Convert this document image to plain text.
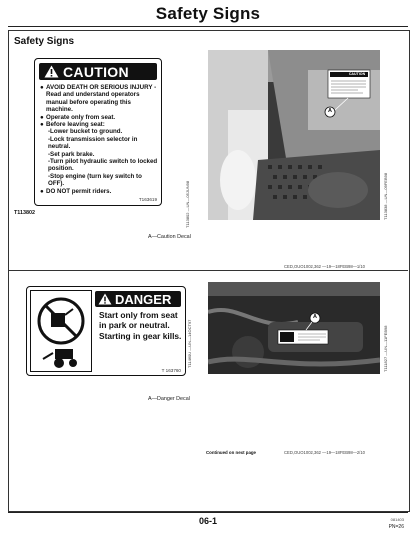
Safety Signs
Safety Signs
CAUTION
● AVOID DEATH OR SERIOUS INJURY - Read and understand operators manual before operating this machine.
● Operate only from seat.
● Before leaving seat:
-Lower bucket to ground.
-Lock transmission selector in neutral.
-Set park brake.
-Turn pilot hydraulic switch to locked position.
-Stop engine (turn key switch to OFF).
● DO NOT permit riders.
T163619
T113802	T113802 —UN—05JUN98
CAUTION
A
T113838 —UN—09FEB98
A—Caution Decal
CED,OUO1002,362 —19—18FEB98—1/10
DANGER
Start only from seat in park or neutral.
Starting in gear kills.
T 163760
T11460U —UN—14OCT97
A
T111827 —UN—11FEB98
A—Danger Decal
Continued on next page	CED,OUO1002,362 —19—18FEB98—2/10
06-1	081403
PN=26
